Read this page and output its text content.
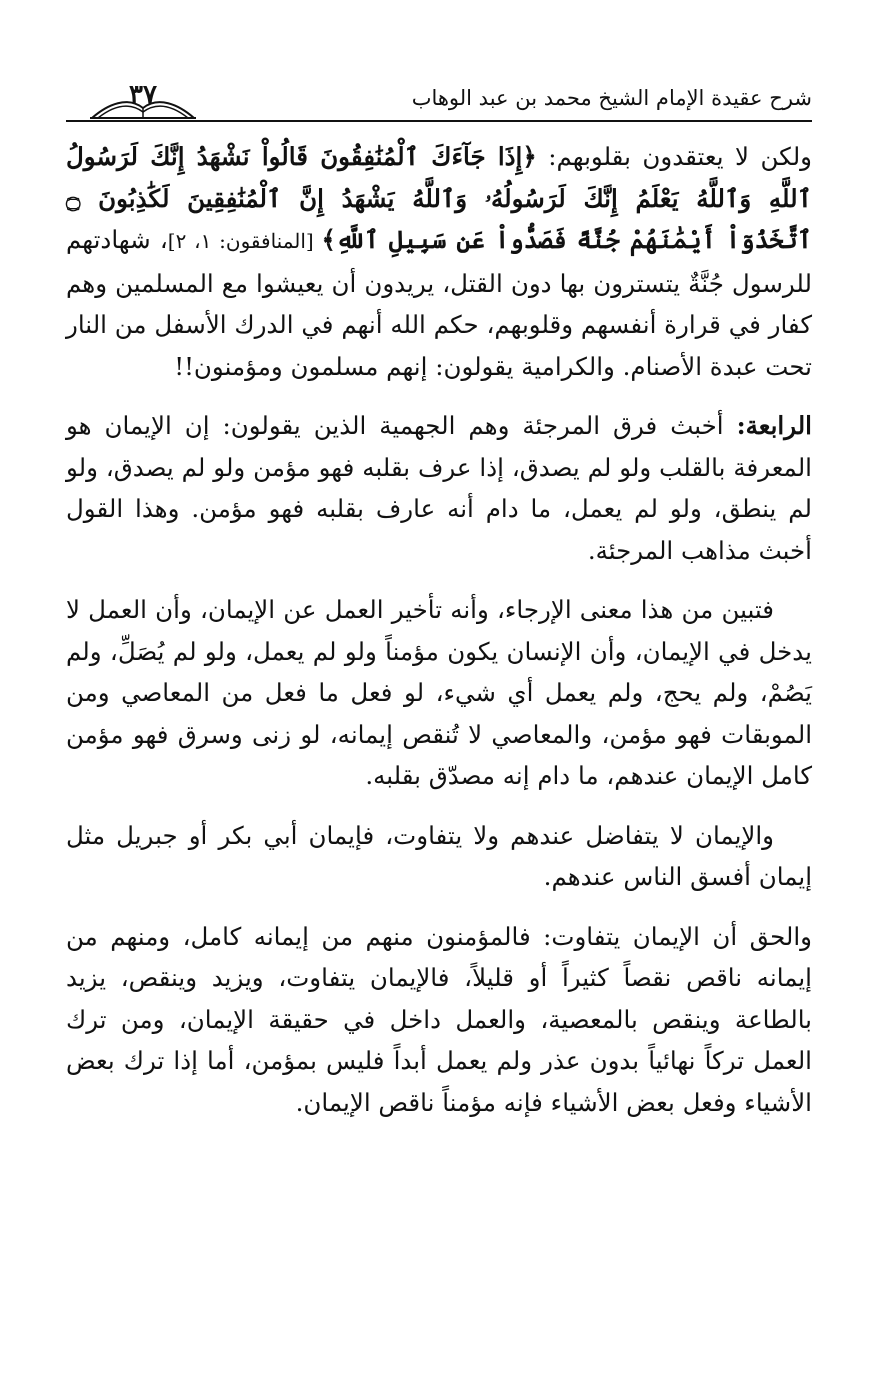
شرح عقيدة الإمام الشيخ محمد بن عبد الوهاب
٣٧

ولكن لا يعتقدون بقلوبهم: ﴿إِذَا جَآءَكَ ٱلْمُنَٰفِقُونَ قَالُواْ نَشْهَدُ إِنَّكَ لَرَسُولُ ٱللَّهِ وَٱللَّهُ يَعْلَمُ إِنَّكَ لَرَسُولُهُۥ وَٱللَّهُ يَشْهَدُ إِنَّ ٱلْمُنَٰفِقِينَ لَكَٰذِبُونَ ۝ ٱتَّخَذُوٓاْ أَيْمَٰنَهُمْ جُنَّةً فَصَدُّواْ عَن سَبِيلِ ٱللَّهِ﴾ [المنافقون: ١، ٢]، شهادتهم للرسول جُنَّةٌ يتسترون بها دون القتل، يريدون أن يعيشوا مع المسلمين وهم كفار في قرارة أنفسهم وقلوبهم، حكم الله أنهم في الدرك الأسفل من النار تحت عبدة الأصنام. والكرامية يقولون: إنهم مسلمون ومؤمنون!!

الرابعة: أخبث فرق المرجئة وهم الجهمية الذين يقولون: إن الإيمان هو المعرفة بالقلب ولو لم يصدق، إذا عرف بقلبه فهو مؤمن ولو لم يصدق، ولو لم ينطق، ولو لم يعمل، ما دام أنه عارف بقلبه فهو مؤمن. وهذا القول أخبث مذاهب المرجئة.

فتبين من هذا معنى الإرجاء، وأنه تأخير العمل عن الإيمان، وأن العمل لا يدخل في الإيمان، وأن الإنسان يكون مؤمناً ولو لم يعمل، ولو لم يُصَلِّ، ولم يَصُمْ، ولم يحج، ولم يعمل أي شيء، لو فعل ما فعل من المعاصي ومن الموبقات فهو مؤمن، والمعاصي لا تُنقص إيمانه، لو زنى وسرق فهو مؤمن كامل الإيمان عندهم، ما دام إنه مصدّق بقلبه.

والإيمان لا يتفاضل عندهم ولا يتفاوت، فإيمان أبي بكر أو جبريل مثل إيمان أفسق الناس عندهم.

والحق أن الإيمان يتفاوت: فالمؤمنون منهم من إيمانه كامل، ومنهم من إيمانه ناقص نقصاً كثيراً أو قليلاً، فالإيمان يتفاوت، ويزيد وينقص، يزيد بالطاعة وينقص بالمعصية، والعمل داخل في حقيقة الإيمان، ومن ترك العمل تركاً نهائياً بدون عذر ولم يعمل أبداً فليس بمؤمن، أما إذا ترك بعض الأشياء وفعل بعض الأشياء فإنه مؤمناً ناقص الإيمان.
